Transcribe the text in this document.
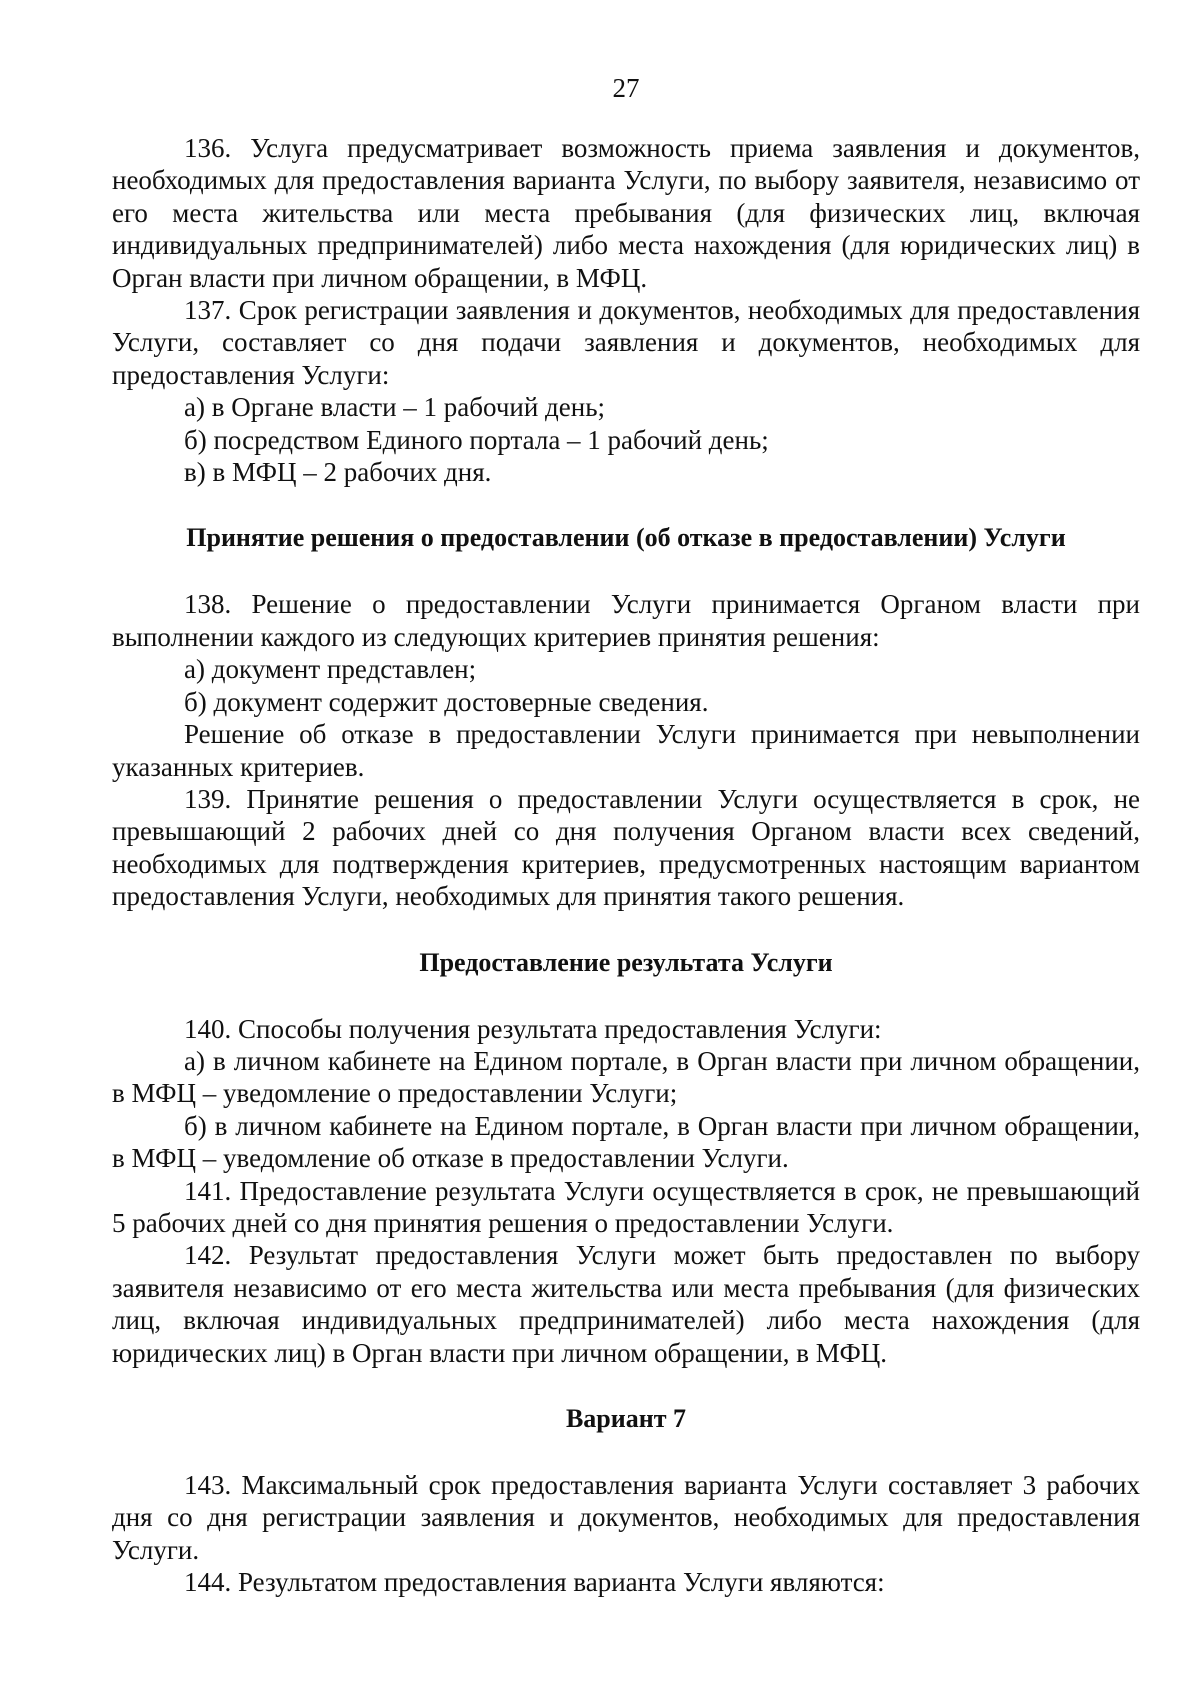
27

136. Услуга предусматривает возможность приема заявления и документов, необходимых для предоставления варианта Услуги, по выбору заявителя, независимо от его места жительства или места пребывания (для физических лиц, включая индивидуальных предпринимателей) либо места нахождения (для юридических лиц) в Орган власти при личном обращении, в МФЦ.

137. Срок регистрации заявления и документов, необходимых для предоставления Услуги, составляет со дня подачи заявления и документов, необходимых для предоставления Услуги:

а) в Органе власти – 1 рабочий день;

б) посредством Единого портала – 1 рабочий день;

в) в МФЦ – 2 рабочих дня.

Принятие решения о предоставлении (об отказе в предоставлении) Услуги

138. Решение о предоставлении Услуги принимается Органом власти при выполнении каждого из следующих критериев принятия решения:

а) документ представлен;

б) документ содержит достоверные сведения.

Решение об отказе в предоставлении Услуги принимается при невыполнении указанных критериев.

139. Принятие решения о предоставлении Услуги осуществляется в срок, не превышающий 2 рабочих дней со дня получения Органом власти всех сведений, необходимых для подтверждения критериев, предусмотренных настоящим вариантом предоставления Услуги, необходимых для принятия такого решения.

Предоставление результата Услуги

140. Способы получения результата предоставления Услуги:

а) в личном кабинете на Едином портале, в Орган власти при личном обращении, в МФЦ – уведомление о предоставлении Услуги;

б) в личном кабинете на Едином портале, в Орган власти при личном обращении, в МФЦ – уведомление об отказе в предоставлении Услуги.

141. Предоставление результата Услуги осуществляется в срок, не превышающий 5 рабочих дней со дня принятия решения о предоставлении Услуги.

142. Результат предоставления Услуги может быть предоставлен по выбору заявителя независимо от его места жительства или места пребывания (для физических лиц, включая индивидуальных предпринимателей) либо места нахождения (для юридических лиц) в Орган власти при личном обращении, в МФЦ.

Вариант 7

143. Максимальный срок предоставления варианта Услуги составляет 3 рабочих дня со дня регистрации заявления и документов, необходимых для предоставления Услуги.

144. Результатом предоставления варианта Услуги являются:
